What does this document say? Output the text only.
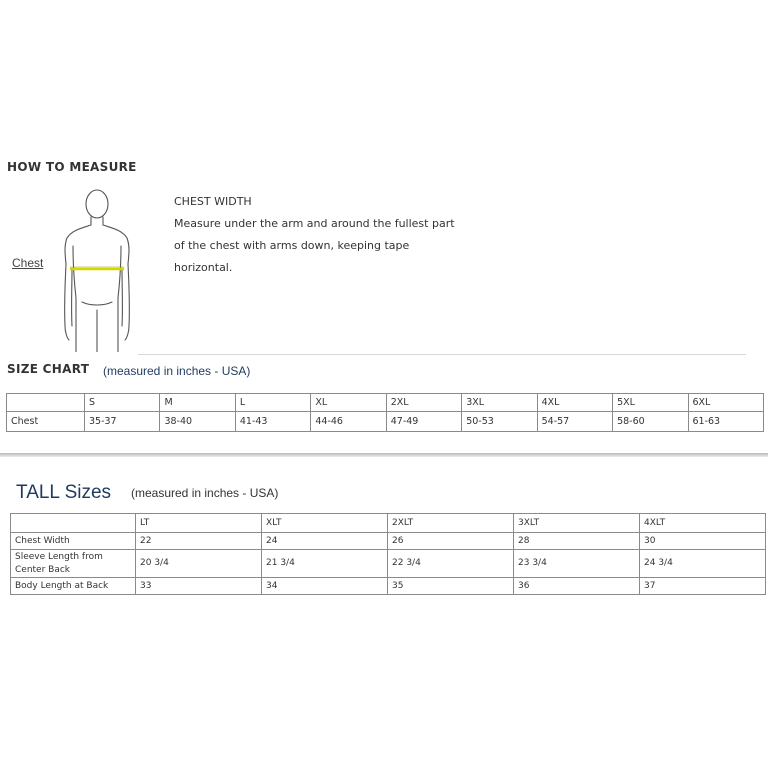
HOW TO MEASURE
Chest
CHEST WIDTH
Measure under the arm and around the fullest part
of the chest with arms down, keeping tape
horizontal.
SIZE CHART (measured in inches - USA)
	S	M	L	XL	2XL	3XL	4XL	5XL	6XL
Chest	35-37	38-40	41-43	44-46	47-49	50-53	54-57	58-60	61-63
TALL Sizes (measured in inches - USA)
	LT	XLT	2XLT	3XLT	4XLT
Chest Width	22	24	26	28	30
Sleeve Length from Center Back	20 3/4	21 3/4	22 3/4	23 3/4	24 3/4
Body Length at Back	33	34	35	36	37
